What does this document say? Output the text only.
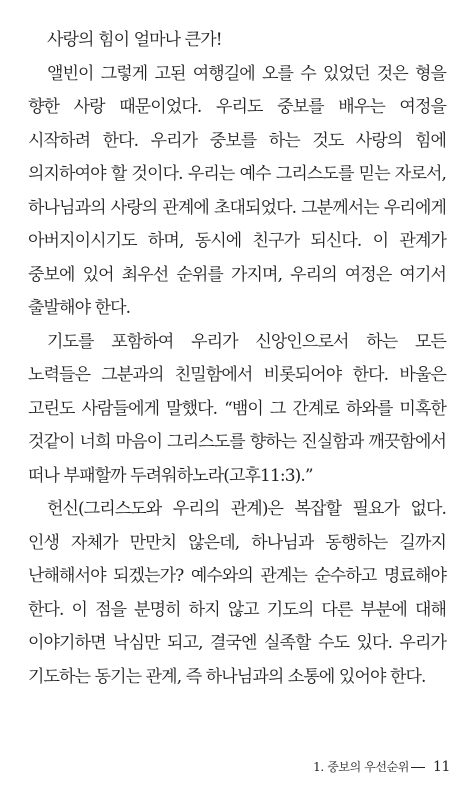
사랑의 힘이 얼마나 큰가!

앨빈이 그렇게 고된 여행길에 오를 수 있었던 것은 형을 향한 사랑 때문이었다. 우리도 중보를 배우는 여정을 시작하려 한다. 우리가 중보를 하는 것도 사랑의 힘에 의지하여야 할 것이다. 우리는 예수 그리스도를 믿는 자로서, 하나님과의 사랑의 관계에 초대되었다. 그분께서는 우리에게 아버지이시기도 하며, 동시에 친구가 되신다. 이 관계가 중보에 있어 최우선 순위를 가지며, 우리의 여정은 여기서 출발해야 한다.

기도를 포함하여 우리가 신앙인으로서 하는 모든 노력들은 그분과의 친밀함에서 비롯되어야 한다. 바울은 고린도 사람들에게 말했다. “뱀이 그 간계로 하와를 미혹한 것같이 너희 마음이 그리스도를 향하는 진실함과 깨끗함에서 떠나 부패할까 두려워하노라(고후11:3).”

헌신(그리스도와 우리의 관계)은 복잡할 필요가 없다. 인생 자체가 만만치 않은데, 하나님과 동행하는 길까지 난해해서야 되겠는가? 예수와의 관계는 순수하고 명료해야 한다. 이 점을 분명히 하지 않고 기도의 다른 부분에 대해 이야기하면 낙심만 되고, 결국엔 실족할 수도 있다. 우리가 기도하는 동기는 관계, 즉 하나님과의 소통에 있어야 한다.

1. 중보의 우선순위 11
